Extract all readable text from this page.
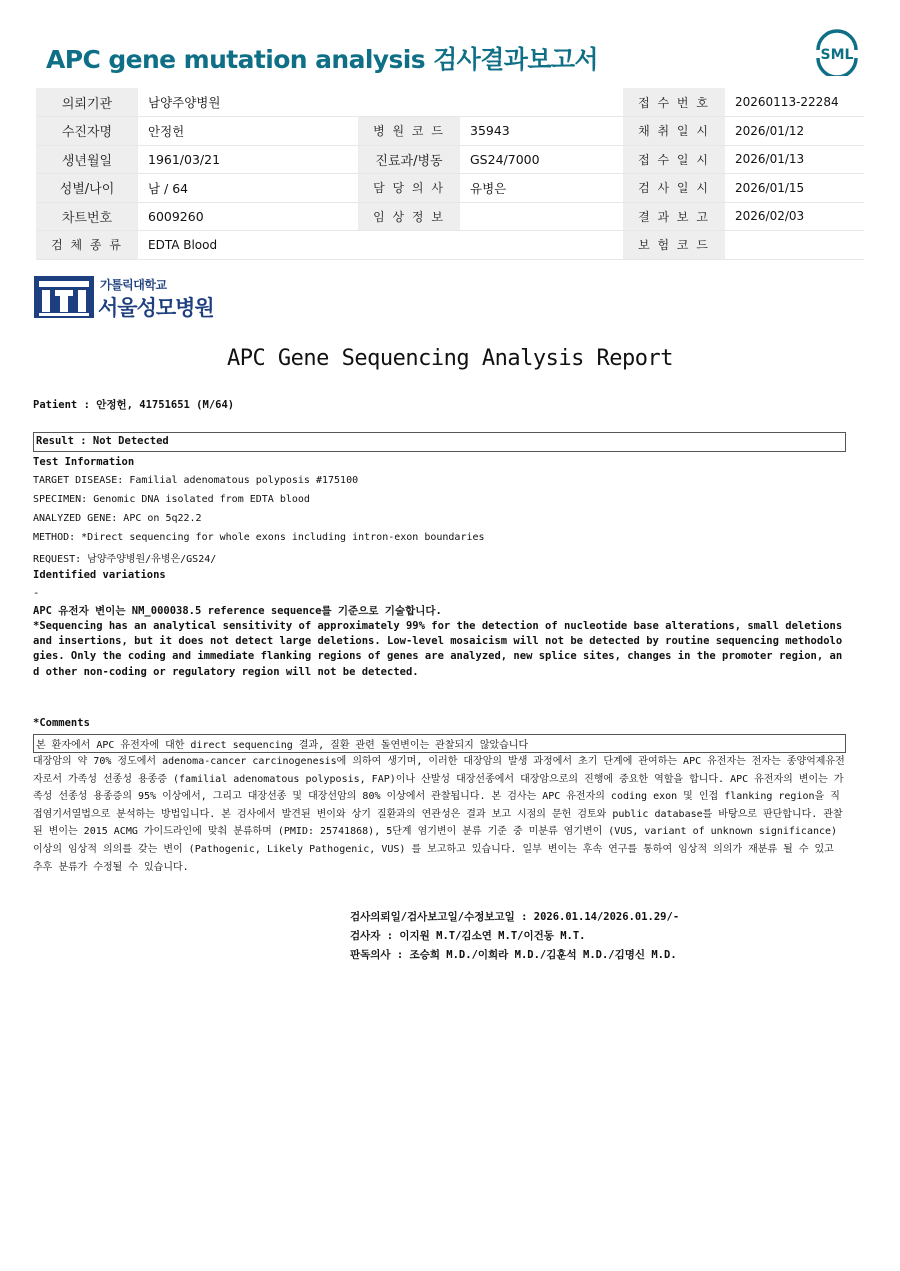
APC gene mutation analysis 검사결과보고서	SML
의뢰기관	남양주양병원			접 수 번 호	20260113-22284
수진자명	안정헌	병 원 코 드	35943	채 취 일 시	2026/01/12
생년월일	1961/03/21	진료과/병동	GS24/7000	접 수 일 시	2026/01/13
성별/나이	남 / 64	담 당 의 사	유병은	검 사 일 시	2026/01/15
차트번호	6009260	임 상 정 보		결 과 보 고	2026/02/03
검 체 종 류	EDTA Blood			보 험 코 드	
가톨릭대학교
서울성모병원
APC Gene Sequencing Analysis Report
Patient : 안정헌, 41751651 (M/64)
Result : Not Detected
Test Information
TARGET DISEASE: Familial adenomatous polyposis #175100
SPECIMEN: Genomic DNA isolated from EDTA blood
ANALYZED GENE: APC on 5q22.2
METHOD: *Direct sequencing for whole exons including intron-exon boundaries
REQUEST: 남양주양병원/유병은/GS24/
Identified variations
-
APC 유전자 변이는 NM_000038.5 reference sequence를 기준으로 기술합니다.
*Sequencing has an analytical sensitivity of approximately 99% for the detection of nucleotide base alterations, small deletions and insertions, but it does not detect large deletions. Low-level mosaicism will not be detected by routine sequencing methodologies. Only the coding and immediate flanking regions of genes are analyzed, new splice sites, changes in the promoter region, and other non-coding or regulatory region will not be detected.
*Comments
본 환자에서 APC 유전자에 대한 direct sequencing 결과, 질환 관련 돌연변이는 관찰되지 않았습니다
대장암의 약 70% 정도에서 adenoma-cancer carcinogenesis에 의하여 생기며, 이러한 대장암의 발생 과정에서 초기 단계에 관여하는 APC 유전자는 전자는 종양억제유전자로서 가족성 선종성 용종증 (familial adenomatous polyposis, FAP)이나 산발성 대장선종에서 대장암으로의 진행에 중요한 역할을 합니다. APC 유전자의 변이는 가족성 선종성 용종증의 95% 이상에서, 그리고 대장선종 및 대장선암의 80% 이상에서 관찰됩니다. 본 검사는 APC 유전자의 coding exon 및 인접 flanking region을 직접염기서열법으로 분석하는 방법입니다. 본 검사에서 발견된 변이와 상기 질환과의 연관성은 결과 보고 시점의 문헌 검토와 public database를 바탕으로 판단합니다. 관찰된 변이는 2015 ACMG 가이드라인에 맞춰 분류하며 (PMID: 25741868), 5단계 염기변이 분류 기준 중 미분류 염기변이 (VUS, variant of unknown significance) 이상의 임상적 의의를 갖는 변이 (Pathogenic, Likely Pathogenic, VUS) 를 보고하고 있습니다. 일부 변이는 후속 연구를 통하여 임상적 의의가 재분류 될 수 있고 추후 분류가 수정될 수 있습니다.
검사의뢰일/검사보고일/수정보고일 : 2026.01.14/2026.01.29/-
검사자 : 이지원 M.T/김소연 M.T/이건동 M.T.
판독의사 : 조승희 M.D./이희라 M.D./김훈석 M.D./김명신 M.D.
